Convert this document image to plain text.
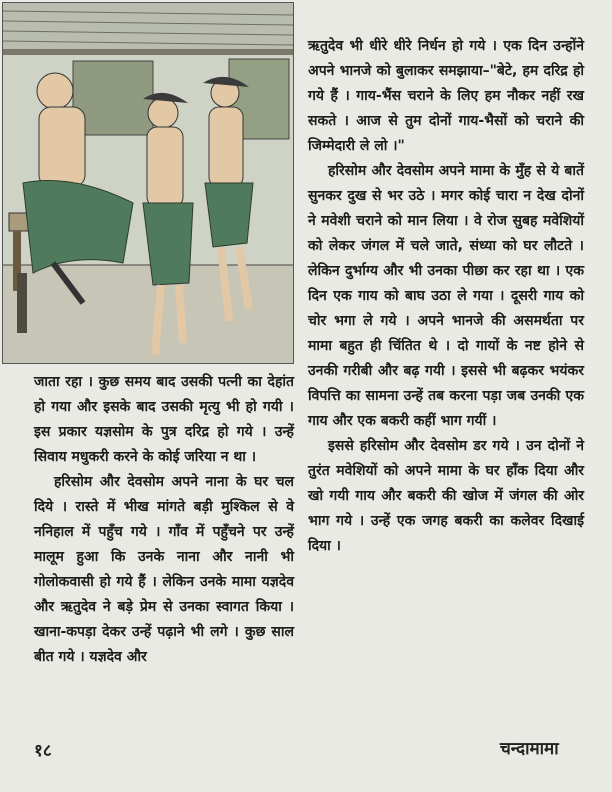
ऋतुदेव भी धीरे धीरे निर्धन हो गये । एक दिन उन्होंने अपने भानजे को बुलाकर समझाया–"बेटे, हम दरिद्र हो गये हैं । गाय-भैंस चराने के लिए हम नौकर नहीं रख सकते । आज से तुम दोनों गाय-भैसों को चराने की जिम्मेदारी ले लो ।"

हरिसोम और देवसोम अपने मामा के मुँह से ये बातें सुनकर दुख से भर उठे । मगर कोई चारा न देख दोनों ने मवेशी चराने को मान लिया । वे रोज सुबह मवेशियों को लेकर जंगल में चले जाते, संध्या को घर लौटते । लेकिन दुर्भाग्य और भी उनका पीछा कर रहा था । एक दिन एक गाय को बाघ उठा ले गया । दूसरी गाय को चोर भगा ले गये । अपने भानजे की असमर्थता पर मामा बहुत ही चिंतित थे । दो गायों के नष्ट होने से उनकी गरीबी और बढ़ गयी । इससे भी बढ़कर भयंकर विपत्ति का सामना उन्हें तब करना पड़ा जब उनकी एक गाय और एक बकरी कहीं भाग गयीं ।

इससे हरिसोम और देवसोम डर गये । उन दोनों ने तुरंत मवेशियों को अपने मामा के घर हाँक दिया और खो गयी गाय और बकरी की खोज में जंगल की ओर भाग गये । उन्हें एक जगह बकरी का कलेवर दिखाई दिया ।

जाता रहा । कुछ समय बाद उसकी पत्नी का देहांत हो गया और इसके बाद उसकी मृत्यु भी हो गयी । इस प्रकार यज्ञसोम के पुत्र दरिद्र हो गये । उन्हें सिवाय मधुकरी करने के कोई जरिया न था ।

हरिसोम और देवसोम अपने नाना के घर चल दिये । रास्ते में भीख मांगते बड़ी मुश्किल से वे ननिहाल में पहुँच गये । गाँव में पहुँचने पर उन्हें मालूम हुआ कि उनके नाना और नानी भी गोलोकवासी हो गये हैं । लेकिन उनके मामा यज्ञदेव और ऋतुदेव ने बड़े प्रेम से उनका स्वागत किया । खाना-कपड़ा देकर उन्हें पढ़ाने भी लगे । कुछ साल बीत गये । यज्ञदेव और

१८	चन्दामामा
